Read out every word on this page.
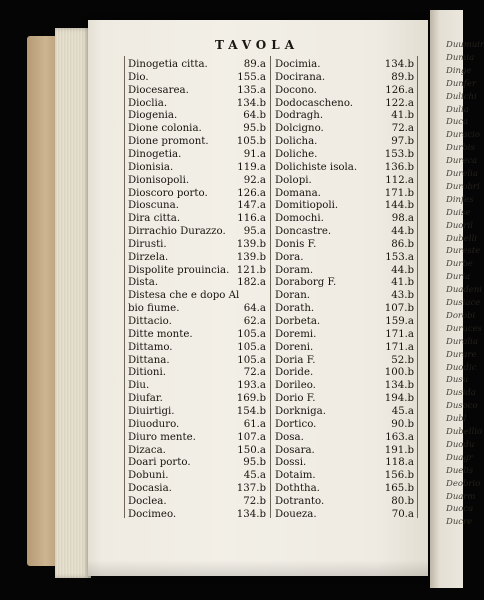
Duumuir
Dumia
Dinge
Dunfer
Dulichi
Dulia
Duca
Duracio
Durbis
Dureca
Durelia
Durobri
Dinfes
Duise
Duoril
Dubelli
Dureste
Durbe
Duria
Duadeni
Dusiace
Dorobi
Duruces
Duralia
Durare
Duodic
Dusu
Dusida
Dusoco
Dubl
Dubellio
Duodu
Duagr
Duelis
Deobrio
Duarm
Duoca
Ducre
TAVOLA
Dinogetia citta.	89.a
Dio.	155.a
Diocesarea.	135.a
Dioclia.	134.b
Diogenia.	64.b
Dione colonia.	95.b
Dione promont.	105.b
Dinogetia.	91.a
Dionisia.	119.a
Dionisopoli.	92.a
Dioscoro porto.	126.a
Dioscuna.	147.a
Dira citta.	116.a
Dirrachio Durazzo. 95.a
Dirusti.	139.b
Dirzela.	139.b
Dispolite prouincia. 121.b
Dista.	182.a
Distesa che e dopo Al
bio fiume.	64.a
Dittacio.	62.a
Ditte monte.	105.a
Dittamo.	105.a
Dittana.	105.a
Ditioni.	72.a
Diu.	193.a
Diufar.	169.b
Diuirtigi.	154.b
Diuoduro.	61.a
Diuro mente.	107.a
Dizaca.	150.a
Doari porto.	95.b
Dobuni.	45.a
Docasia.	137.b
Doclea.	72.b
Docimeo.	134.b
Docimia.	134.b
Docirana.	89.b
Docono.	126.a
Dodocascheno.	122.a
Dodragh.	41.b
Dolcigno.	72.a
Dolicha.	97.b
Doliche.	153.b
Dolichiste isola.	136.b
Dolopi.	112.a
Domana.	171.b
Domitiopoli.	144.b
Domochi.	98.a
Doncastre.	44.b
Donis F.	86.b
Dora.	153.a
Doram.	44.b
Doraborg F.	41.b
Doran.	43.b
Dorath.	107.b
Dorbeta.	159.a
Doremi.	171.a
Doreni.	171.a
Doria F.	52.b
Doride.	100.b
Dorileo.	134.b
Dorio F.	194.b
Dorkniga.	45.a
Dortico.	90.b
Dosa.	163.a
Dosara.	191.b
Dossi.	118.a
Dotaim.	156.b
Doththa.	165.b
Dotranto.	80.b
Doueza.	70.a
